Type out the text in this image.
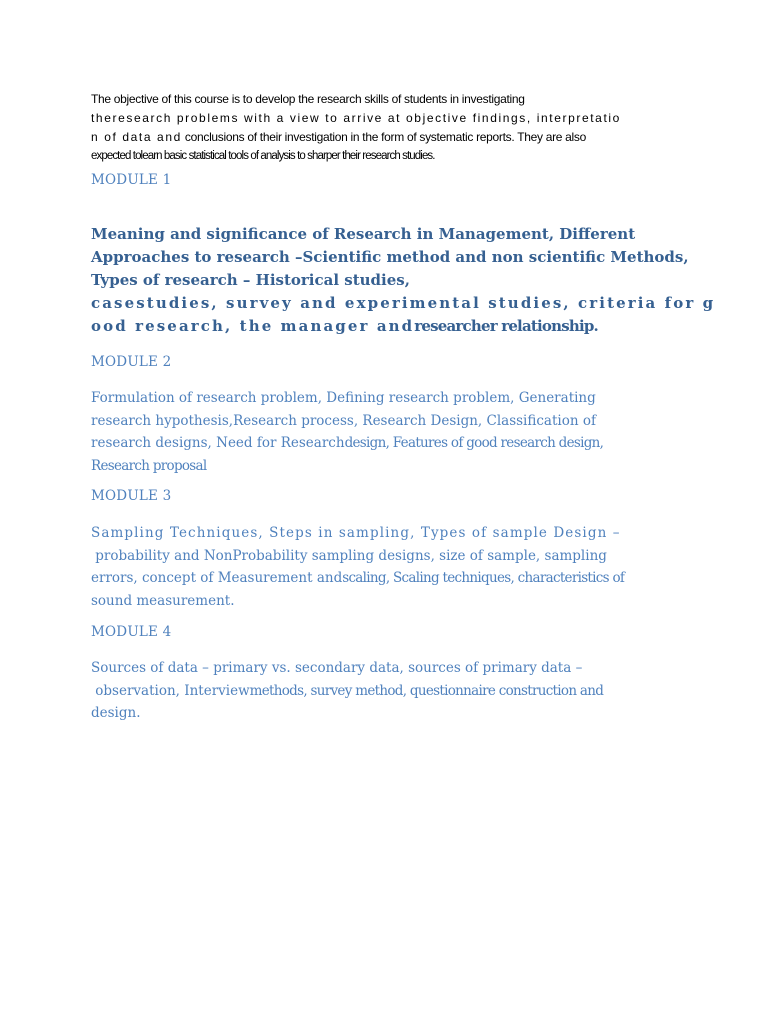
The objective of this course is to develop the research skills of students in investigating
theresearch problems with a view to arrive at objective findings, interpretatio
n of data and conclusions of their investigation in the form of systematic reports. They are also
expected tolearn basic statistical tools of analysis to sharper their research studies.
MODULE 1
Meaning and significance of Research in Management, Different
Approaches to research –Scientific method and non scientific Methods,
Types of research – Historical studies,
casestudies, survey and experimental studies, criteria for g
ood research, the manager andresearcher relationship.
MODULE 2
Formulation of research problem, Defining research problem, Generating
research hypothesis,Research process, Research Design, Classification of
research designs, Need for Researchdesign, Features of good research design,
Research proposal
MODULE 3
Sampling Techniques, Steps in sampling, Types of sample Design –
probability and NonProbability sampling designs, size of sample, sampling
errors, concept of Measurement andscaling, Scaling techniques, characteristics of
sound measurement.
MODULE 4
Sources of data – primary vs. secondary data, sources of primary data –
observation, Interviewmethods, survey method, questionnaire construction and
design.
